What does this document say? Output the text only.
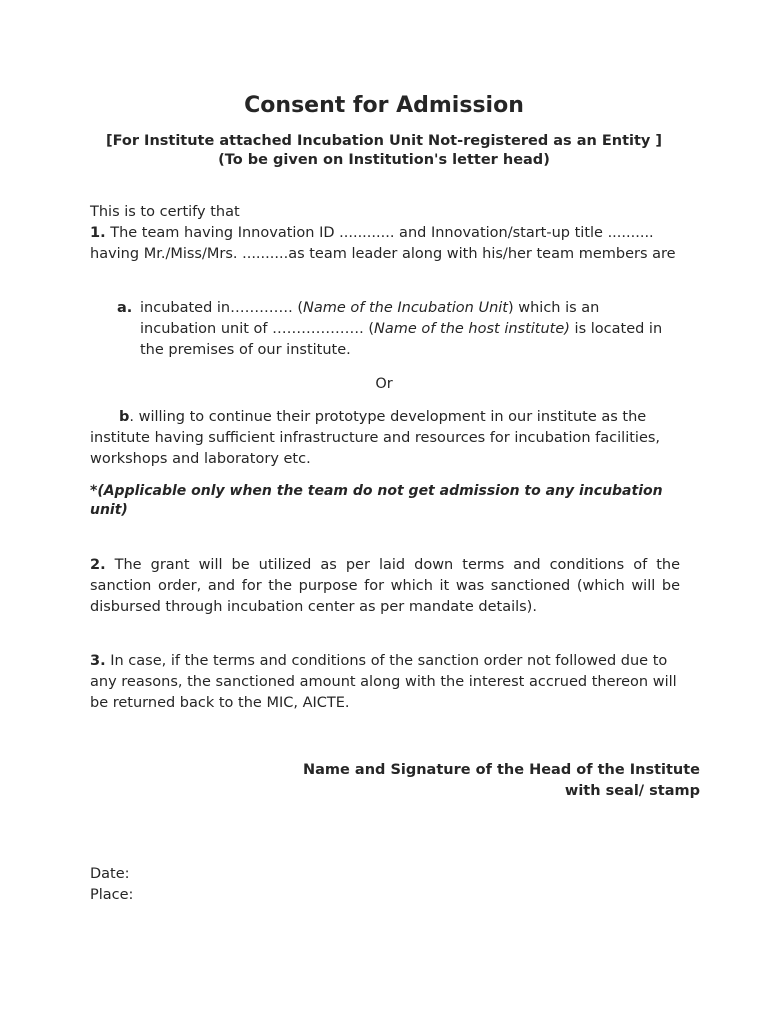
Consent for Admission
[For Institute attached Incubation Unit Not-registered as an Entity ]
(To be given on Institution's letter head)
This is to certify that
1. The team having Innovation ID ............ and Innovation/start-up title .......... having Mr./Miss/Mrs. ..........as team leader along with his/her team members are
a. incubated in…………. (Name of the Incubation Unit) which is an incubation unit of ………………. (Name of the host institute) is located in the premises of our institute.
Or
b. willing to continue their prototype development in our institute as the institute having sufficient infrastructure and resources for incubation facilities, workshops and laboratory etc.
*(Applicable only when the team do not get admission to any incubation unit)
2. The grant will be utilized as per laid down terms and conditions of the sanction order, and for the purpose for which it was sanctioned (which will be disbursed through incubation center as per mandate details).
3. In case, if the terms and conditions of the sanction order not followed due to any reasons, the sanctioned amount along with the interest accrued thereon will be returned back to the MIC, AICTE.
Name and Signature of the Head of the Institute
with seal/ stamp
Date:
Place:
